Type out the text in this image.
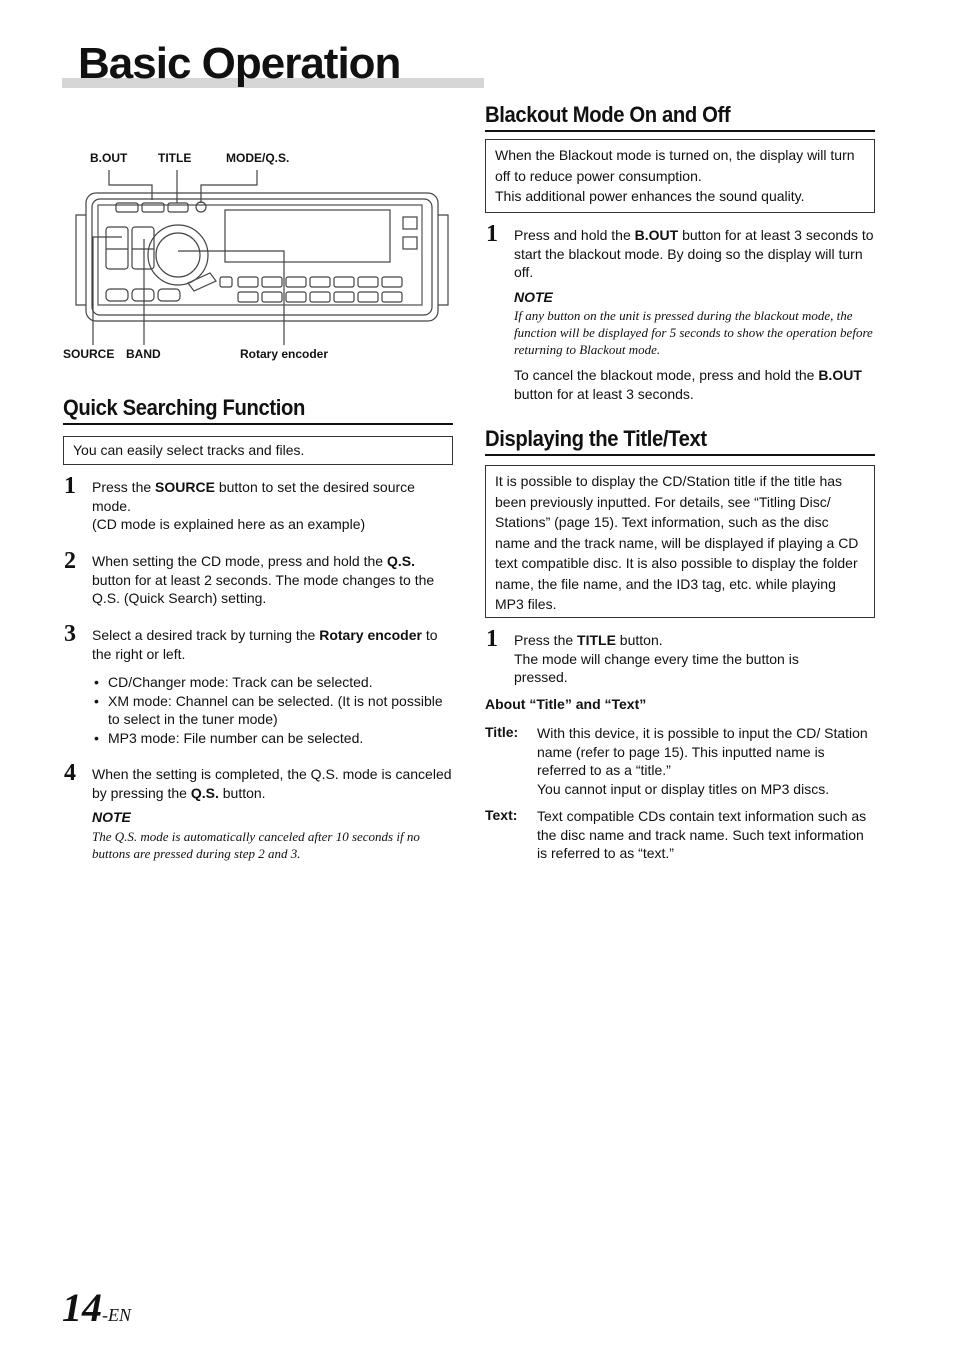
Basic Operation
B.OUT	TITLE	MODE/Q.S.
SOURCE BAND	Rotary encoder
Quick Searching Function
You can easily select tracks and files.
1 Press the SOURCE button to set the desired source mode.
(CD mode is explained here as an example)
2 When setting the CD mode, press and hold the Q.S. button for at least 2 seconds. The mode changes to the Q.S. (Quick Search) setting.
3 Select a desired track by turning the Rotary encoder to the right or left.
• CD/Changer mode: Track can be selected.
• XM mode: Channel can be selected. (It is not possible to select in the tuner mode)
• MP3 mode: File number can be selected.
4 When the setting is completed, the Q.S. mode is canceled by pressing the Q.S. button.
NOTE
The Q.S. mode is automatically canceled after 10 seconds if no buttons are pressed during step 2 and 3.
Blackout Mode On and Off
When the Blackout mode is turned on, the display will turn off to reduce power consumption.
This additional power enhances the sound quality.
1 Press and hold the B.OUT button for at least 3 seconds to start the blackout mode. By doing so the display will turn off.
NOTE
If any button on the unit is pressed during the blackout mode, the function will be displayed for 5 seconds to show the operation before returning to Blackout mode.
To cancel the blackout mode, press and hold the B.OUT button for at least 3 seconds.
Displaying the Title/Text
It is possible to display the CD/Station title if the title has been previously inputted. For details, see “Titling Disc/ Stations” (page 15). Text information, such as the disc name and the track name, will be displayed if playing a CD text compatible disc. It is also possible to display the folder name, the file name, and the ID3 tag, etc. while playing MP3 files.
1 Press the TITLE button.
The mode will change every time the button is pressed.
About “Title” and “Text”
Title: With this device, it is possible to input the CD/ Station name (refer to page 15). This inputted name is referred to as a “title.”
You cannot input or display titles on MP3 discs.
Text: Text compatible CDs contain text information such as the disc name and track name. Such text information is referred to as “text.”
14-EN
